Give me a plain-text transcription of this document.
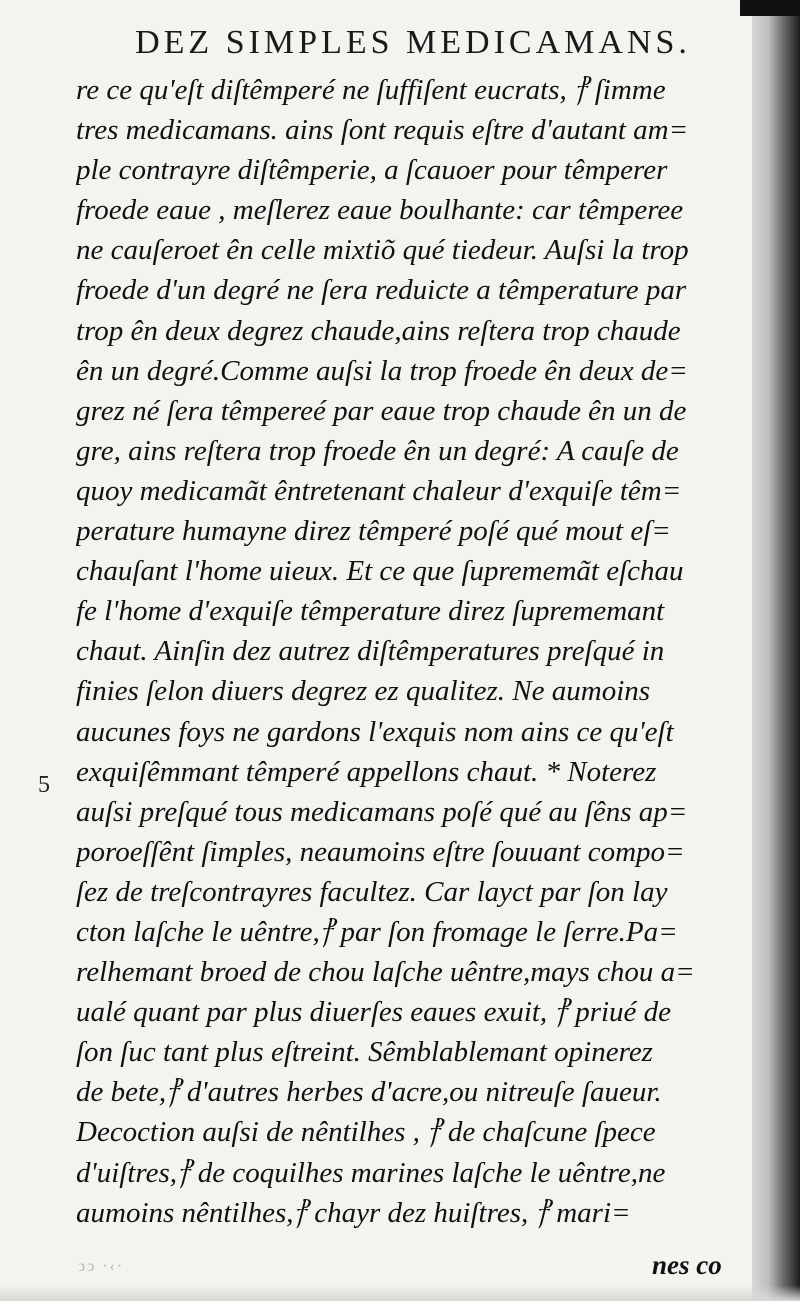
DEZ SIMPLES MEDICAMANS.
5
re ce qu'eſt diſtêmperé ne ſuffiſent eucrats, ⳨ ſimme
tres medicamans. ains ſont requis eſtre d'autant am=
ple contrayre diſtêmperie, a ſcauoer pour têmperer
froede eaue , meſlerez eaue boulhante: car têmperee
ne cauſeroet ên celle mixtiõ qué tiedeur. Auſsi la trop
froede d'un degré ne ſera reduicte a têmperature par
trop ên deux degrez chaude,ains reſtera trop chaude
ên un degré.Comme auſsi la trop froede ên deux de=
grez né ſera têmpereé par eaue trop chaude ên un de
gre, ains reſtera trop froede ên un degré: A cauſe de
quoy medicamãt êntretenant chaleur d'exquiſe têm=
perature humayne direz têmperé poſé qué mout eſ=
chauſant l'home uieux. Et ce que ſuprememãt eſchau
fe l'home d'exquiſe têmperature direz ſuprememant
chaut. Ainſin dez autrez diſtêmperatures preſqué in
finies ſelon diuers degrez ez qualitez. Ne aumoins
aucunes foys ne gardons l'exquis nom ains ce qu'eſt
exquiſêmmant têmperé appellons chaut. * Noterez
auſsi preſqué tous medicamans poſé qué au ſêns ap=
poroeſſênt ſimples, neaumoins eſtre ſouuant compo=
ſez de treſcontrayres facultez. Car layct par ſon lay
cton laſche le uêntre,⳨ par ſon fromage le ſerre.Pa=
relhemant broed de chou laſche uêntre,mays chou a=
ualé quant par plus diuerſes eaues exuit, ⳨ priué de
ſon ſuc tant plus eſtreint. Sêmblablemant opinerez
de bete,⳨ d'autres herbes d'acre,ou nitreuſe ſaueur.
Decoction auſsi de nêntilhes , ⳨ de chaſcune ſpece
d'uiſtres,⳨ de coquilhes marines laſche le uêntre,ne
aumoins nêntilhes,⳨ chayr dez huiſtres, ⳨ mari=
ↄↄ ·‹·	nes co
